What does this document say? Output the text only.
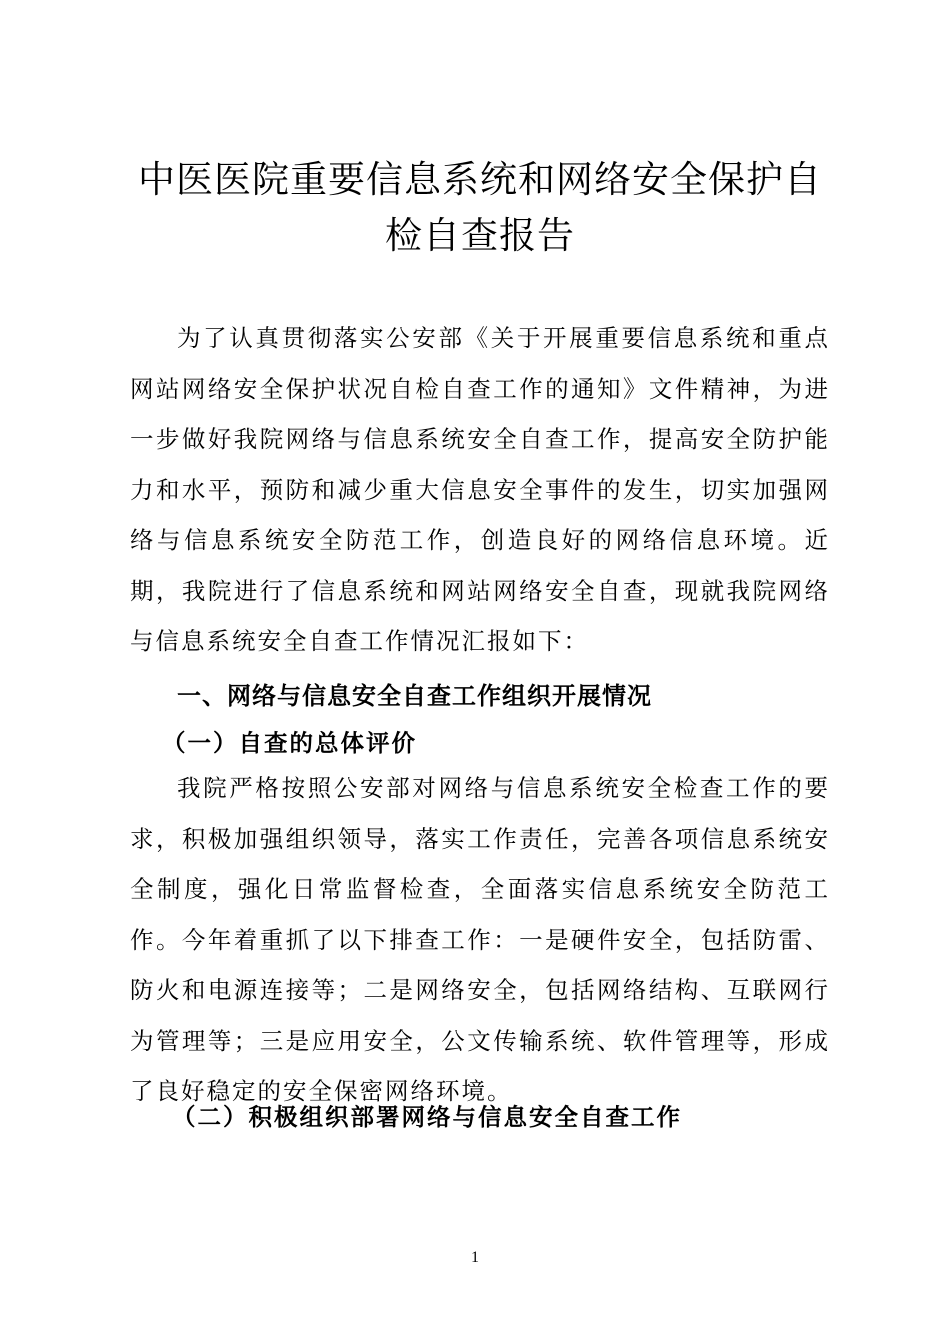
中医医院重要信息系统和网络安全保护自检自查报告

为了认真贯彻落实公安部《关于开展重要信息系统和重点网站网络安全保护状况自检自查工作的通知》文件精神，为进一步做好我院网络与信息系统安全自查工作，提高安全防护能力和水平，预防和减少重大信息安全事件的发生，切实加强网络与信息系统安全防范工作，创造良好的网络信息环境。近期，我院进行了信息系统和网站网络安全自查，现就我院网络与信息系统安全自查工作情况汇报如下：

一、网络与信息安全自查工作组织开展情况
（一）自查的总体评价

我院严格按照公安部对网络与信息系统安全检查工作的要求，积极加强组织领导，落实工作责任，完善各项信息系统安全制度，强化日常监督检查，全面落实信息系统安全防范工作。今年着重抓了以下排查工作：一是硬件安全，包括防雷、防火和电源连接等；二是网络安全，包括网络结构、互联网行为管理等；三是应用安全，公文传输系统、软件管理等，形成了良好稳定的安全保密网络环境。

（二）积极组织部署网络与信息安全自查工作
1
